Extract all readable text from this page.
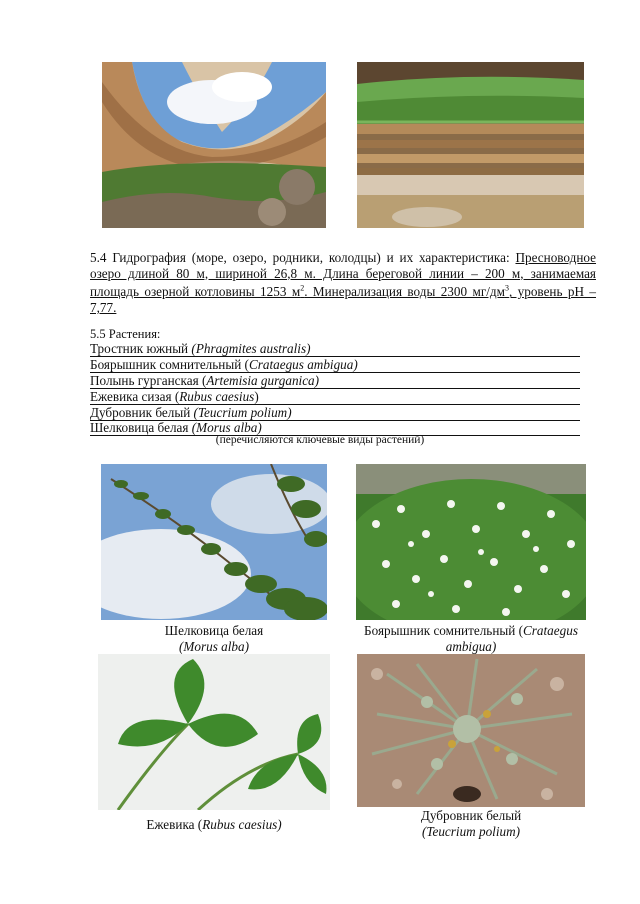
5.4 Гидрография (море, озеро, родники, колодцы) и их характеристика: Пресноводное озеро длиной 80 м, шириной 26,8 м. Длина береговой линии – 200 м, занимаемая площадь озерной котловины 1253 $м^2$. Минерализация воды 2300 $мг/дм^3$, уровень pH – 7,77.
5.5 Растения:
Тростник южный (Phragmites australis)
Боярышник сомнительный (Crataegus ambigua)
Полынь гурганская (Artemisia gurganica)
Ежевика сизая (Rubus caesius)
Дубровник белый (Teucrium polium)
Шелковица белая (Morus alba)
(перечисляются ключевые виды растений)
Шелковица белая
(Morus alba)
Боярышник сомнительный (Crataegus
ambigua)
Ежевика (Rubus caesius)
Дубровник белый
(Teucrium polium)
